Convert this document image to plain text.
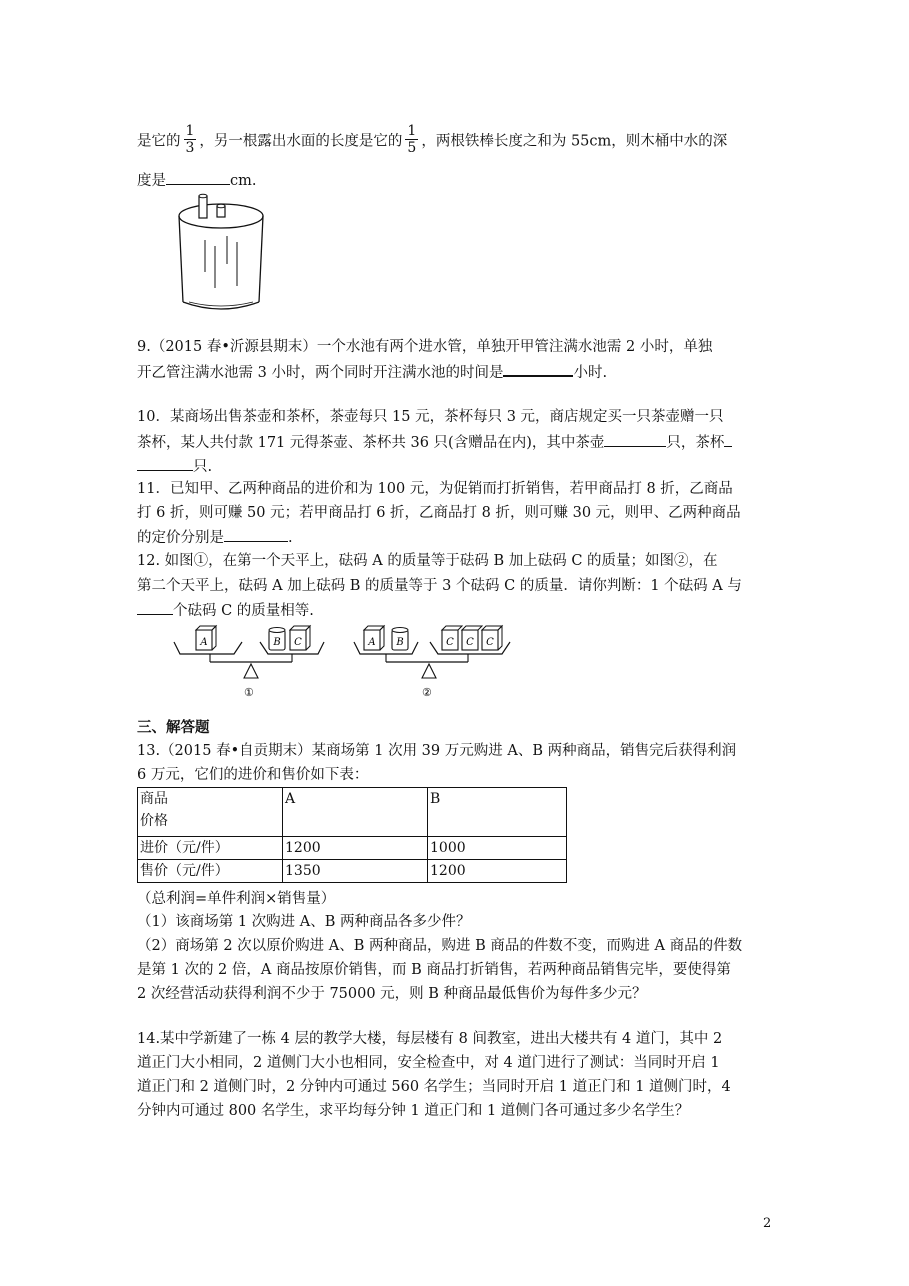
是它的 $\frac{1}{3}$ ，另一根露出水面的长度是它的 $\frac{1}{5}$ ，两根铁棒长度之和为 55cm，则木桶中水的深
度是	cm.
9.（2015 春•沂源县期末）一个水池有两个进水管，单独开甲管注满水池需 2 小时，单独
开乙管注满水池需 3 小时，两个同时开注满水池的时间是	小时.
10．某商场出售茶壶和茶杯，茶壶每只 15 元，茶杯每只 3 元，商店规定买一只茶壶赠一只
茶杯，某人共付款 171 元得茶壶、茶杯共 36 只(含赠品在内)，其中茶壶	只，茶杯
只.
11．已知甲、乙两种商品的进价和为 100 元，为促销而打折销售，若甲商品打 8 折，乙商品
打 6 折，则可赚 50 元；若甲商品打 6 折，乙商品打 8 折，则可赚 30 元，则甲、乙两种商品
的定价分别是	.
12. 如图①，在第一个天平上，砝码 A 的质量等于砝码 B 加上砝码 C 的质量；如图②，在
第二个天平上，砝码 A 加上砝码 B 的质量等于 3 个砝码 C 的质量．请你判断：1 个砝码 A 与
个砝码 C 的质量相等.
A	B C
①
A B	C C C
②
三、解答题
13.（2015 春•自贡期末）某商场第 1 次用 39 万元购进 A、B 两种商品，销售完后获得利润
6 万元，它们的进价和售价如下表：
商品
价格	A	B
进价（元/件）	1200	1000
售价（元/件）	1350	1200
（总利润=单件利润×销售量）
（1）该商场第 1 次购进 A、B 两种商品各多少件？
（2）商场第 2 次以原价购进 A、B 两种商品，购进 B 商品的件数不变，而购进 A 商品的件数
是第 1 次的 2 倍，A 商品按原价销售，而 B 商品打折销售，若两种商品销售完毕，要使得第
2 次经营活动获得利润不少于 75000 元，则 B 种商品最低售价为每件多少元？
14.某中学新建了一栋 4 层的教学大楼，每层楼有 8 间教室，进出大楼共有 4 道门，其中 2
道正门大小相同，2 道侧门大小也相同，安全检查中，对 4 道门进行了测试：当同时开启 1
道正门和 2 道侧门时，2 分钟内可通过 560 名学生；当同时开启 1 道正门和 1 道侧门时，4
分钟内可通过 800 名学生，求平均每分钟 1 道正门和 1 道侧门各可通过多少名学生？
2
